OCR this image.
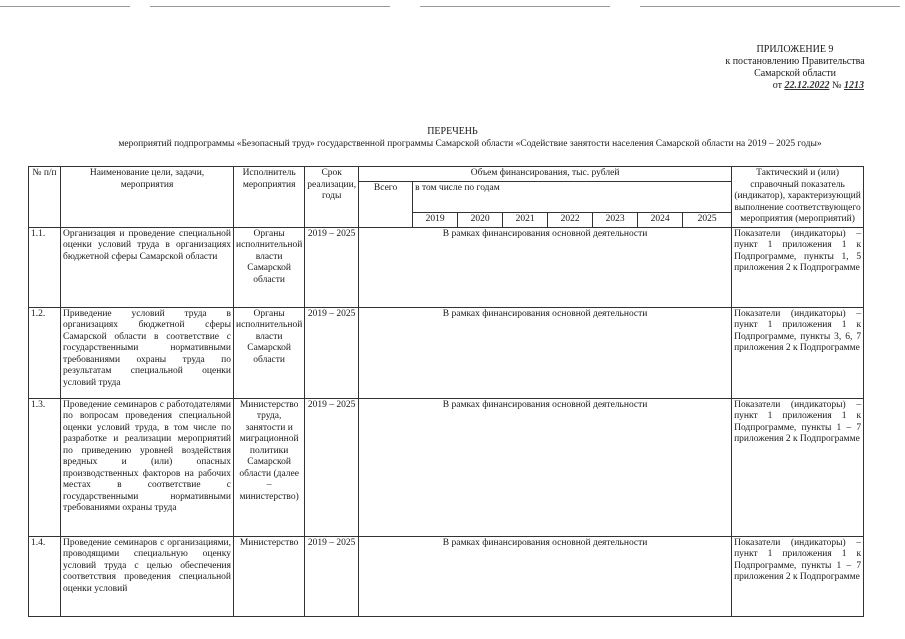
ПРИЛОЖЕНИЕ 9
к постановлению Правительства
Самарской области
от 22.12.2022 № 1213
ПЕРЕЧЕНЬ
мероприятий подпрограммы «Безопасный труд» государственной программы Самарской области «Содействие занятости населения Самарской области на 2019 – 2025 годы»
№ п/п	Наименование цели, задачи, мероприятия	Исполнитель мероприятия	Срок реализации, годы	Объем финансирования, тыс. рублей								Тактический и (или) справочный показатель (индикатор), характеризующий выполнение соответствующего мероприятия (мероприятий)
				Всего	в том числе по годам							
					2019	2020	2021	2022	2023	2024	2025	
1.1.	Организация и проведение специальной оценки условий труда в организациях бюджетной сферы Самарской области	Органы исполнительной власти Самарской области	2019 – 2025	В рамках финансирования основной деятельности								Показатели (индикаторы) – пункт 1 приложения 1 к Подпрограмме, пункты 1, 5 приложения 2 к Подпрограмме
1.2.	Приведение условий труда в организациях бюджетной сферы Самарской области в соответствие с государственными нормативными требованиями охраны труда по результатам специальной оценки условий труда	Органы исполнительной власти Самарской области	2019 – 2025	В рамках финансирования основной деятельности								Показатели (индикаторы) – пункт 1 приложения 1 к Подпрограмме, пункты 3, 6, 7 приложения 2 к Подпрограмме
1.3.	Проведение семинаров с работодателями по вопросам проведения специальной оценки условий труда, в том числе по разработке и реализации мероприятий по приведению уровней воздействия вредных и (или) опасных производственных факторов на рабочих местах в соответствие с государственными нормативными требованиями охраны труда	Министерство труда, занятости и миграционной политики Самарской области (далее – министерство)	2019 – 2025	В рамках финансирования основной деятельности								Показатели (индикаторы) – пункт 1 приложения 1 к Подпрограмме, пункты 1 – 7 приложения 2 к Подпрограмме
1.4.	Проведение семинаров с организациями, проводящими специальную оценку условий труда с целью обеспечения соответствия проведения специальной оценки условий	Министерство	2019 – 2025	В рамках финансирования основной деятельности								Показатели (индикаторы) – пункт 1 приложения 1 к Подпрограмме, пункты 1 – 7 приложения 2 к Подпрограмме
